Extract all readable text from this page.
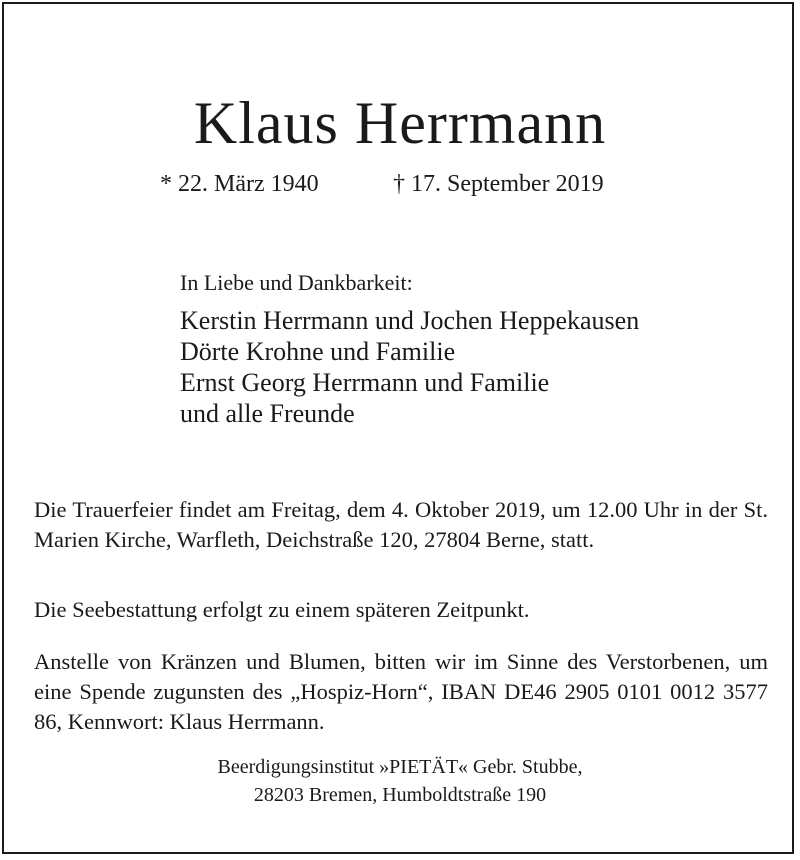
Klaus Herrmann
* 22. März 1940	† 17. September 2019
In Liebe und Dankbarkeit:
Kerstin Herrmann und Jochen Heppekausen
Dörte Krohne und Familie
Ernst Georg Herrmann und Familie
und alle Freunde
Die Trauerfeier findet am Freitag, dem 4. Oktober 2019, um 12.00 Uhr in der St. Marien Kirche, Warfleth, Deichstraße 120, 27804 Berne, statt.
Die Seebestattung erfolgt zu einem späteren Zeitpunkt.
Anstelle von Kränzen und Blumen, bitten wir im Sinne des Verstorbenen, um eine Spende zugunsten des „Hospiz-Horn“, IBAN DE46 2905 0101 0012 3577 86, Kennwort: Klaus Herrmann.
Beerdigungsinstitut »PIETÄT« Gebr. Stubbe,
28203 Bremen, Humboldtstraße 190
